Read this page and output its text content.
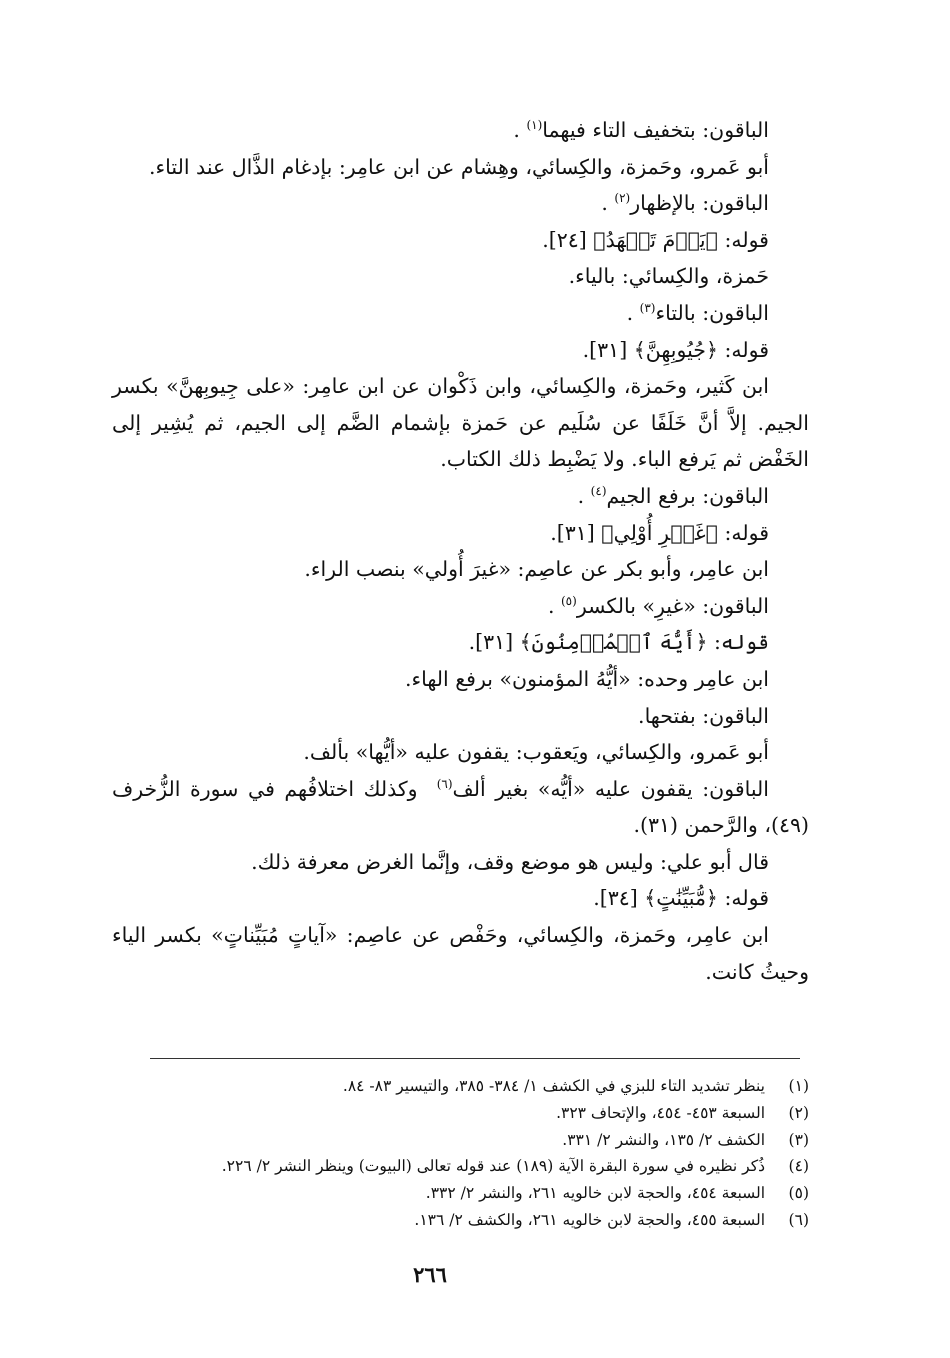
الباقون: بتخفيف التاء فيهما$^{(١)}$ .
أبو عَمرو، وحَمزة، والكِسائي، وهِشام عن ابن عامِر: بإدغام الذَّال عند التاء.
الباقون: بالإظهار$^{(٢)}$ .
قوله: ﴿يَوۡمَ تَشۡهَدُ﴾ [٢٤].
حَمزة، والكِسائي: بالياء.
الباقون: بالتاء$^{(٣)}$ .
قوله: ﴿جُيُوبِهِنَّ﴾ [٣١].
ابن كَثير، وحَمزة، والكِسائي، وابن ذَكْوان عن ابن عامِر: «على جِيوبِهنَّ» بكسر الجيم. إلاَّ أنَّ خَلَفًا عن سُلَيم عن حَمزة بإشمام الضَّم إلى الجيم، ثم يُشِير إلى الخَفْض ثم يَرفع الباء. ولا يَضْبِط ذلك الكتاب.
الباقون: برفع الجيم$^{(٤)}$ .
قوله: ﴿غَيۡرِ أُوْلِي﴾ [٣١].
ابن عامِر، وأبو بكر عن عاصِم: «غيرَ أُولي» بنصب الراء.
الباقون: «غيرِ» بالكسر$^{(٥)}$ .
قوله: ﴿أَيُّهَ ٱلۡمُؤۡمِنُونَ﴾ [٣١].
ابن عامِر وحده: «أيُّهُ المؤمنون» برفع الهاء.
الباقون: بفتحها.
أبو عَمرو، والكِسائي، ويَعقوب: يقفون عليه «أيُّها» بألف.
الباقون: يقفون عليه «أيُّه» بغير ألف$^{(٦)}$  وكذلك اختلافُهم في سورة الزُّخرف (٤٩)، والرَّحمن (٣١).
قال أبو علي: وليس هو موضع وقف، وإنَّما الغرض معرفة ذلك.
قوله: ﴿مُّبَيِّنَٰتٍ﴾ [٣٤].
ابن عامِر، وحَمزة، والكِسائي، وحَفْص عن عاصِم: «آياتٍ مُبَيِّناتٍ» بكسر الياء وحيثُ كانت.
(١)ينظر تشديد التاء للبزي في الكشف ١/ ٣٨٤- ٣٨٥، والتيسير ٨٣- ٨٤.
(٢)السبعة ٤٥٣- ٤٥٤، والإتحاف ٣٢٣.
(٣)الكشف ٢/ ١٣٥، والنشر ٢/ ٣٣١.
(٤)ذُكر نظيره في سورة البقرة الآية (١٨٩) عند قوله تعالى (البيوت) وينظر النشر ٢/ ٢٢٦.
(٥)السبعة ٤٥٤، والحجة لابن خالويه ٢٦١، والنشر ٢/ ٣٣٢.
(٦)السبعة ٤٥٥، والحجة لابن خالويه ٢٦١، والكشف ٢/ ١٣٦.
٢٦٦
